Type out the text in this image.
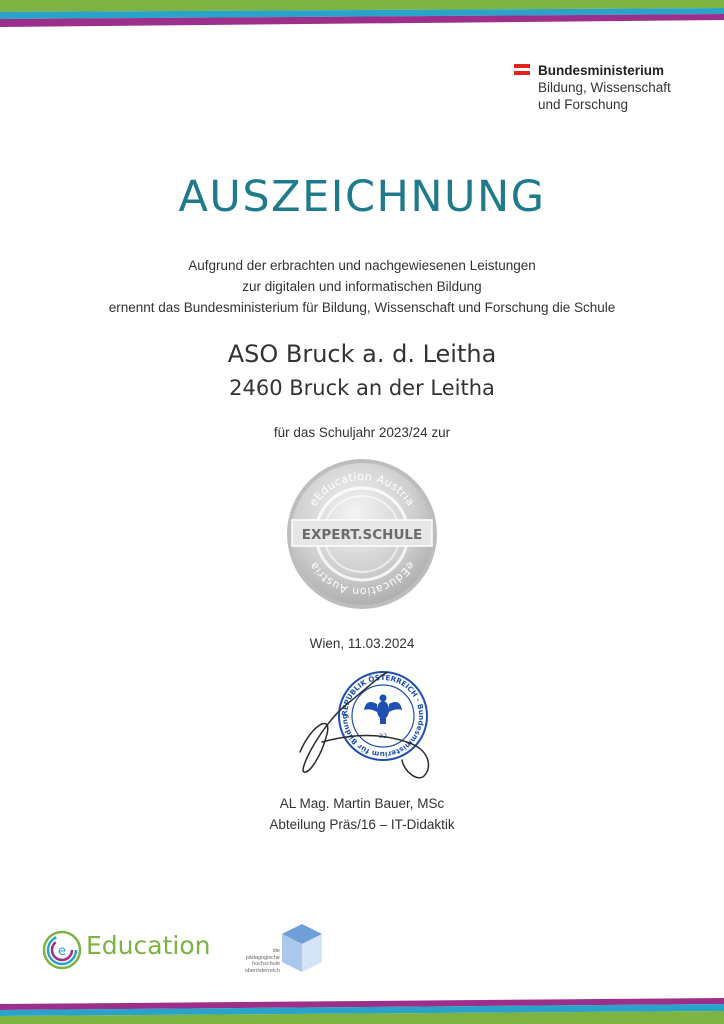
Bundesministerium
Bildung, Wissenschaft
und Forschung
AUSZEICHNUNG
Aufgrund der erbrachten und nachgewiesenen Leistungen
zur digitalen und informatischen Bildung
ernennt das Bundesministerium für Bildung, Wissenschaft und Forschung die Schule
ASO Bruck a. d. Leitha
2460 Bruck an der Leitha
für das Schuljahr 2023/24 zur
eEducation Austria
eEducation Austria
EXPERT.SCHULE
Wien, 11.03.2024
REPUBLIK ÖSTERREICH · Bundesministerium für Bildung
22
AL Mag. Martin Bauer, MSc
Abteilung Präs/16 – IT-Didaktik
e Education	die pädagogische
hochschule
oberösterreich
